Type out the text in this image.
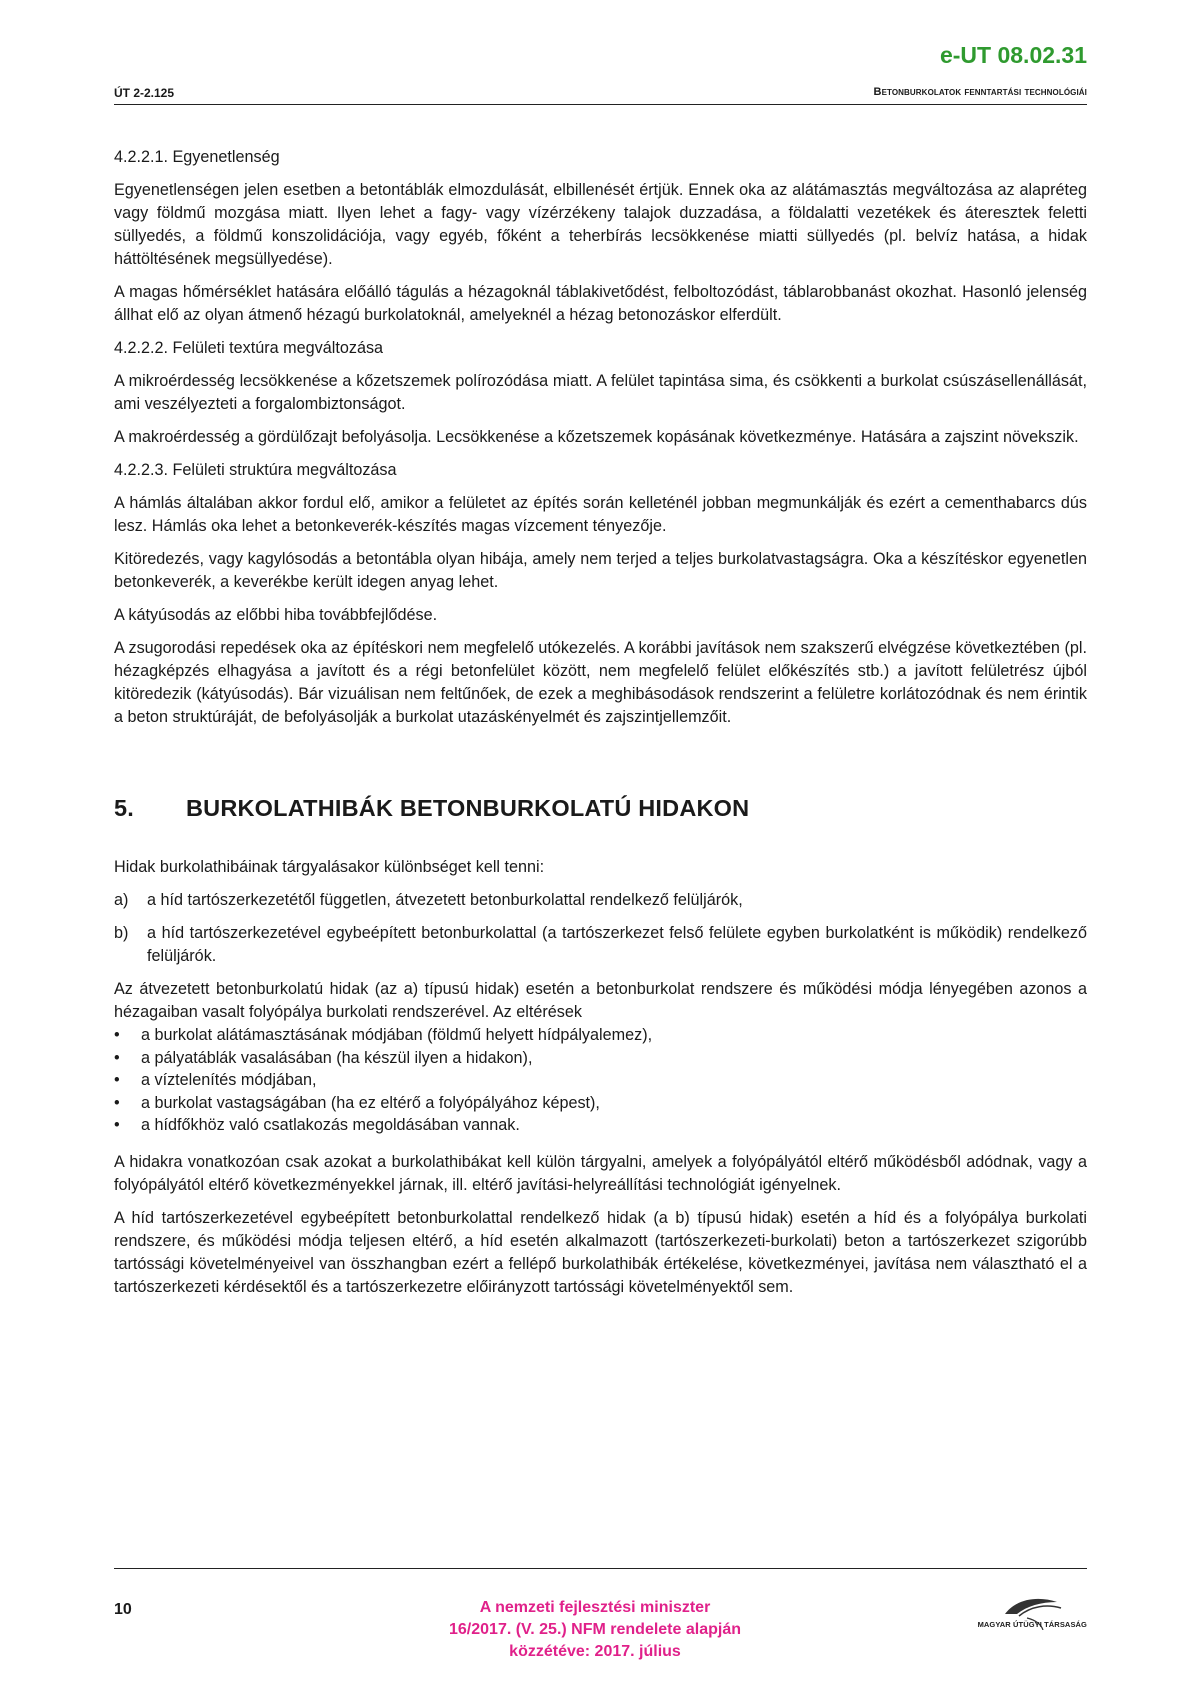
e-UT 08.02.31
ÚT 2-2.125	Betonburkolatok fenntartási technológiái
4.2.2.1. Egyenetlenség

Egyenetlenségen jelen esetben a betontáblák elmozdulását, elbillenését értjük. Ennek oka az alátámasztás megváltozása az alapréteg vagy földmű mozgása miatt. Ilyen lehet a fagy- vagy vízérzékeny talajok duzzadása, a földalatti vezetékek és áteresztek feletti süllyedés, a földmű konszolidációja, vagy egyéb, főként a teherbírás lecsökkenése miatti süllyedés (pl. belvíz hatása, a hidak háttöltésének megsüllyedése).

A magas hőmérséklet hatására előálló tágulás a hézagoknál táblakivetődést, felboltozódást, táblarobbanást okozhat. Hasonló jelenség állhat elő az olyan átmenő hézagú burkolatoknál, amelyeknél a hézag betonozáskor elferdült.

4.2.2.2. Felületi textúra megváltozása

A mikroérdesség lecsökkenése a kőzetszemek polírozódása miatt. A felület tapintása sima, és csökkenti a burkolat csúszásellenállását, ami veszélyezteti a forgalombiztonságot.

A makroérdesség a gördülőzajt befolyásolja. Lecsökkenése a kőzetszemek kopásának következménye. Hatására a zajszint növekszik.

4.2.2.3. Felületi struktúra megváltozása

A hámlás általában akkor fordul elő, amikor a felületet az építés során kelleténél jobban megmunkálják és ezért a cementhabarcs dús lesz. Hámlás oka lehet a betonkeverék-készítés magas vízcement tényezője.

Kitöredezés, vagy kagylósodás a betontábla olyan hibája, amely nem terjed a teljes burkolatvastagságra. Oka a készítéskor egyenetlen betonkeverék, a keverékbe került idegen anyag lehet.

A kátyúsodás az előbbi hiba továbbfejlődése.

A zsugorodási repedések oka az építéskori nem megfelelő utókezelés. A korábbi javítások nem szakszerű elvégzése következtében (pl. hézagképzés elhagyása a javított és a régi betonfelület között, nem megfelelő felület előkészítés stb.) a javított felületrész újból kitöredezik (kátyúsodás). Bár vizuálisan nem feltűnőek, de ezek a meghibásodások rendszerint a felületre korlátozódnak és nem érintik a beton struktúráját, de befolyásolják a burkolat utazáskényelmét és zajszintjellemzőit.

5.	BURKOLATHIBÁK BETONBURKOLATÚ HIDAKON

Hidak burkolathibáinak tárgyalásakor különbséget kell tenni:

a)	a híd tartószerkezetétől független, átvezetett betonburkolattal rendelkező felüljárók,
b)	a híd tartószerkezetével egybeépített betonburkolattal (a tartószerkezet felső felülete egyben burkolatként is működik) rendelkező felüljárók.

Az átvezetett betonburkolatú hidak (az a) típusú hidak) esetén a betonburkolat rendszere és működési módja lényegében azonos a hézagaiban vasalt folyópálya burkolati rendszerével. Az eltérések

•	a burkolat alátámasztásának módjában (földmű helyett hídpályalemez),
•	a pályatáblák vasalásában (ha készül ilyen a hidakon),
•	a víztelenítés módjában,
•	a burkolat vastagságában (ha ez eltérő a folyópályához képest),
•	a hídfőkhöz való csatlakozás megoldásában vannak.

A hidakra vonatkozóan csak azokat a burkolathibákat kell külön tárgyalni, amelyek a folyópályától eltérő működésből adódnak, vagy a folyópályától eltérő következményekkel járnak, ill. eltérő javítási-helyreállítási technológiát igényelnek.

A híd tartószerkezetével egybeépített betonburkolattal rendelkező hidak (a b) típusú hidak) esetén a híd és a folyópálya burkolati rendszere, és működési módja teljesen eltérő, a híd esetén alkalmazott (tartószerkezeti-burkolati) beton a tartószerkezet szigorúbb tartóssági követelményeivel van összhangban ezért a fellépő burkolathibák értékelése, következményei, javítása nem választható el a tartószerkezeti kérdésektől és a tartószerkezetre előirányzott tartóssági követelményektől sem.

10	A nemzeti fejlesztési miniszter
16/2017. (V. 25.) NFM rendelete alapján
közzétéve: 2017. július
MAGYAR ÚTÜGYI TÁRSASÁG
